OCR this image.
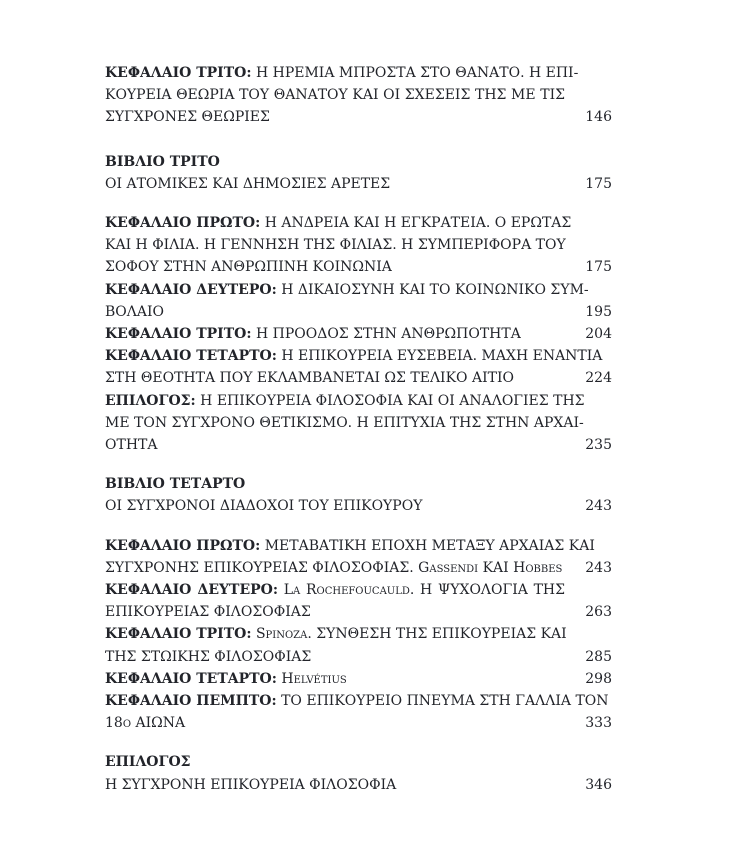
ΚΕΦΑΛΑΙΟ ΤΡΙΤΟ: Η ΗΡΕΜΙΑ ΜΠΡΟΣΤΑ ΣΤΟ ΘΑΝΑΤΟ. Η ΕΠΙ-
ΚΟΥΡΕΙΑ ΘΕΩΡΙΑ ΤΟΥ ΘΑΝΑΤΟΥ ΚΑΙ ΟΙ ΣΧΕΣΕΙΣ ΤΗΣ ΜΕ ΤΙΣ
ΣΥΓΧΡΟΝΕΣ ΘΕΩΡΙΕΣ	146
ΒΙΒΛΙΟ ΤΡΙΤΟ
ΟΙ ΑΤΟΜΙΚΕΣ ΚΑΙ ΔΗΜΟΣΙΕΣ ΑΡΕΤΕΣ	175
ΚΕΦΑΛΑΙΟ ΠΡΩΤΟ: Η ΑΝΔΡΕΙΑ ΚΑΙ Η ΕΓΚΡΑΤΕΙΑ. Ο ΕΡΩΤΑΣ
ΚΑΙ Η ΦΙΛΙΑ. Η ΓΕΝΝΗΣΗ ΤΗΣ ΦΙΛΙΑΣ. Η ΣΥΜΠΕΡΙΦΟΡΑ ΤΟΥ
ΣΟΦΟΥ ΣΤΗΝ ΑΝΘΡΩΠΙΝΗ ΚΟΙΝΩΝΙΑ	175
ΚΕΦΑΛΑΙΟ ΔΕΥΤΕΡΟ: Η ΔΙΚΑΙΟΣΥΝΗ ΚΑΙ ΤΟ ΚΟΙΝΩΝΙΚΟ ΣΥΜ-
ΒΟΛΑΙΟ	195
ΚΕΦΑΛΑΙΟ ΤΡΙΤΟ: Η ΠΡΟΟΔΟΣ ΣΤΗΝ ΑΝΘΡΩΠΟΤΗΤΑ	204
ΚΕΦΑΛΑΙΟ ΤΕΤΑΡΤΟ: Η ΕΠΙΚΟΥΡΕΙΑ ΕΥΣΕΒΕΙΑ. ΜΑΧΗ ΕΝΑΝΤΙΑ
ΣΤΗ ΘΕΟΤΗΤΑ ΠΟΥ ΕΚΛΑΜΒΑΝΕΤΑΙ ΩΣ ΤΕΛΙΚΟ ΑΙΤΙΟ	224
ΕΠΙΛΟΓΟΣ: Η ΕΠΙΚΟΥΡΕΙΑ ΦΙΛΟΣΟΦΙΑ ΚΑΙ ΟΙ ΑΝΑΛΟΓΙΕΣ ΤΗΣ
ΜΕ ΤΟΝ ΣΥΓΧΡΟΝΟ ΘΕΤΙΚΙΣΜΟ. Η ΕΠΙΤΥΧΙΑ ΤΗΣ ΣΤΗΝ ΑΡΧΑΙ-
ΟΤΗΤΑ	235
ΒΙΒΛΙΟ ΤΕΤΑΡΤΟ
ΟΙ ΣΥΓΧΡΟΝΟΙ ΔΙΑΔΟΧΟΙ ΤΟΥ ΕΠΙΚΟΥΡΟΥ	243
ΚΕΦΑΛΑΙΟ ΠΡΩΤΟ: ΜΕΤΑΒΑΤΙΚΗ ΕΠΟΧΗ ΜΕΤΑΞΥ ΑΡΧΑΙΑΣ ΚΑΙ
ΣΥΓΧΡΟΝΗΣ ΕΠΙΚΟΥΡΕΙΑΣ ΦΙΛΟΣΟΦΙΑΣ. Gassendi ΚΑΙ Hobbes 243
ΚΕΦΑΛΑΙΟ ΔΕΥΤΕΡΟ: La Rochefoucauld. Η ΨΥΧΟΛΟΓΙΑ ΤΗΣ
ΕΠΙΚΟΥΡΕΙΑΣ ΦΙΛΟΣΟΦΙΑΣ	263
ΚΕΦΑΛΑΙΟ ΤΡΙΤΟ: Spinoza. ΣΥΝΘΕΣΗ ΤΗΣ ΕΠΙΚΟΥΡΕΙΑΣ ΚΑΙ
ΤΗΣ ΣΤΩΙΚΗΣ ΦΙΛΟΣΟΦΙΑΣ	285
ΚΕΦΑΛΑΙΟ ΤΕΤΑΡΤΟ: Helvétius	298
ΚΕΦΑΛΑΙΟ ΠΕΜΠΤΟ: ΤΟ ΕΠΙΚΟΥΡΕΙΟ ΠΝΕΥΜΑ ΣΤΗ ΓΑΛΛΙΑ ΤΟΝ
18ο ΑΙΩΝΑ	333
ΕΠΙΛΟΓΟΣ
Η ΣΥΓΧΡΟΝΗ ΕΠΙΚΟΥΡΕΙΑ ΦΙΛΟΣΟΦΙΑ	346
